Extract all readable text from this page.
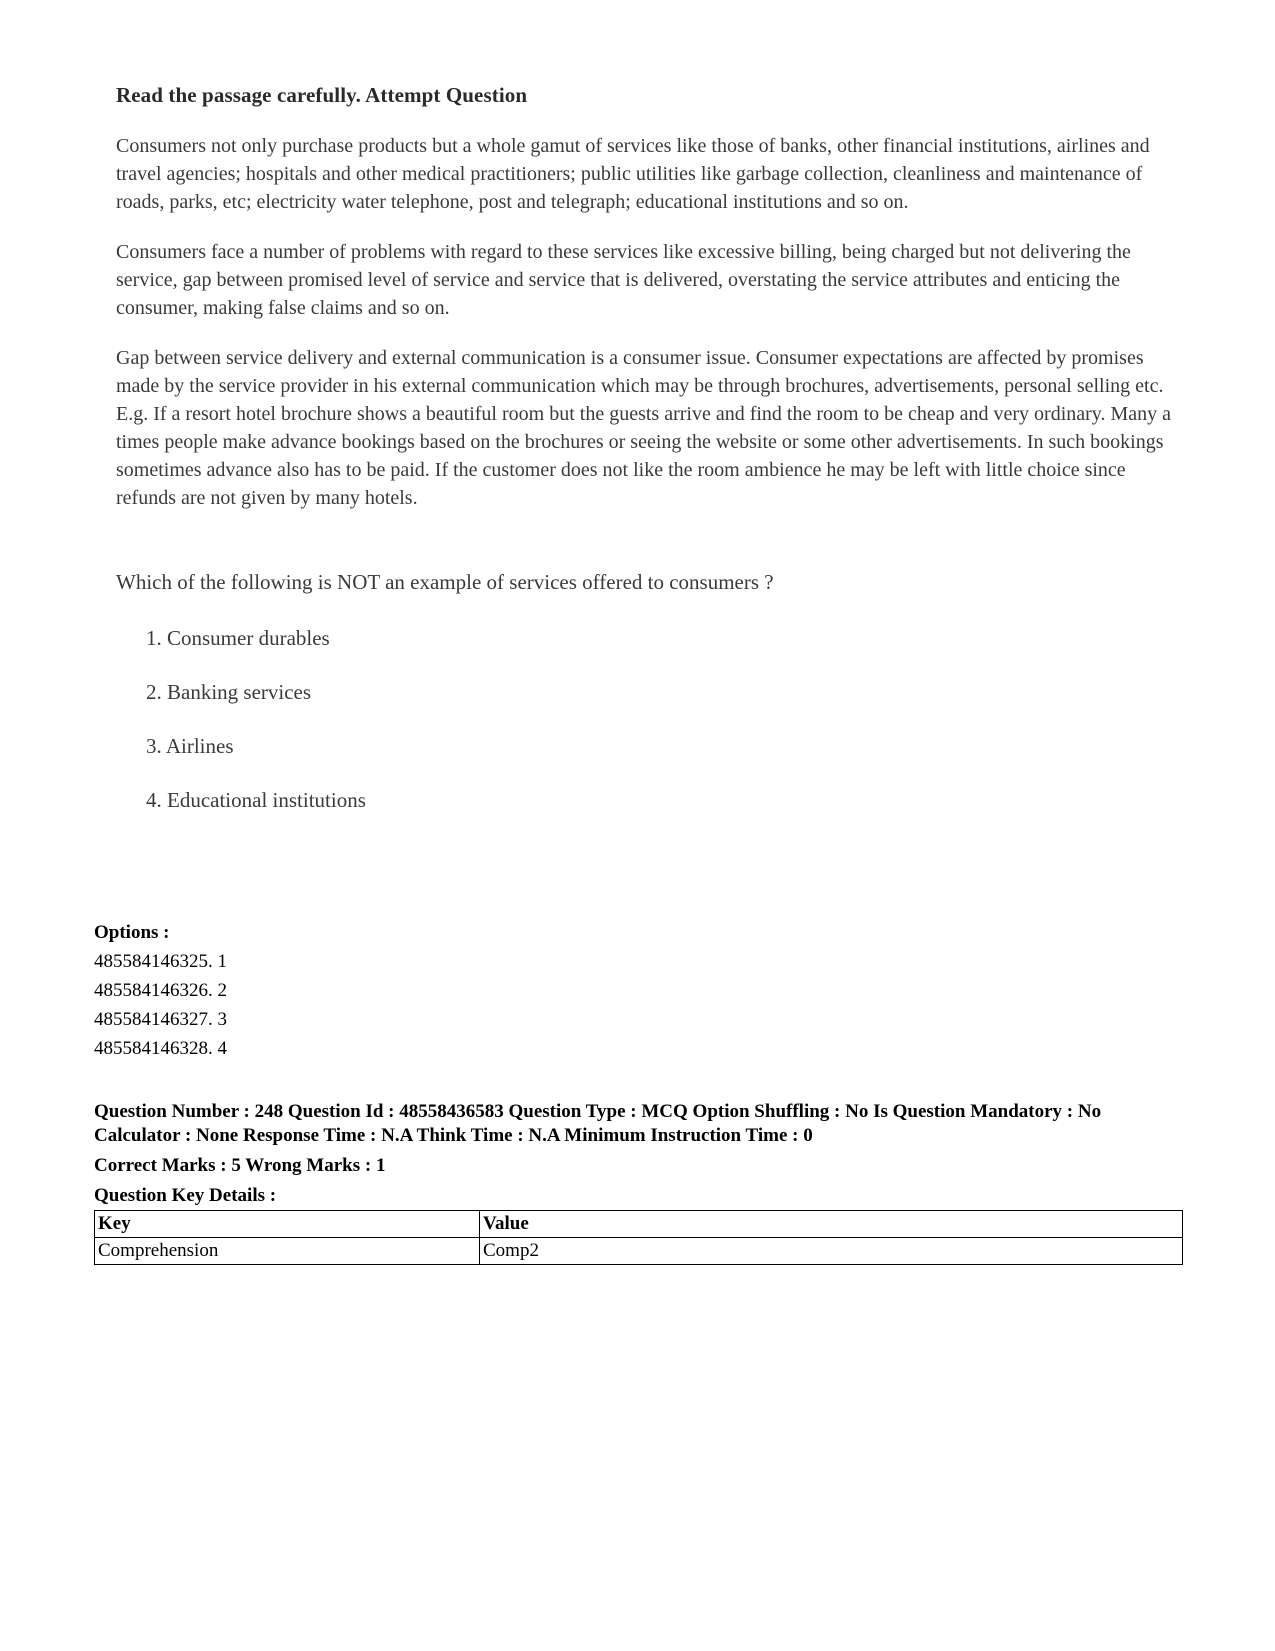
Read the passage carefully. Attempt Question

Consumers not only purchase products but a whole gamut of services like those of banks, other financial institutions, airlines and travel agencies; hospitals and other medical practitioners; public utilities like garbage collection, cleanliness and maintenance of roads, parks, etc; electricity water telephone, post and telegraph; educational institutions and so on.

Consumers face a number of problems with regard to these services like excessive billing, being charged but not delivering the service, gap between promised level of service and service that is delivered, overstating the service attributes and enticing the consumer, making false claims and so on.

Gap between service delivery and external communication is a consumer issue. Consumer expectations are affected by promises made by the service provider in his external communication which may be through brochures, advertisements, personal selling etc. E.g. If a resort hotel brochure shows a beautiful room but the guests arrive and find the room to be cheap and very ordinary. Many a times people make advance bookings based on the brochures or seeing the website or some other advertisements. In such bookings sometimes advance also has to be paid. If the customer does not like the room ambience he may be left with little choice since refunds are not given by many hotels.

Which of the following is NOT an example of services offered to consumers ?
1. Consumer durables
2. Banking services
3. Airlines
4. Educational institutions
Options :
485584146325. 1
485584146326. 2
485584146327. 3
485584146328. 4
Question Number : 248 Question Id : 48558436583 Question Type : MCQ Option Shuffling : No Is Question Mandatory : No Calculator : None Response Time : N.A Think Time : N.A Minimum Instruction Time : 0
Correct Marks : 5 Wrong Marks : 1
Question Key Details :
Key	Value
Comprehension	Comp2
